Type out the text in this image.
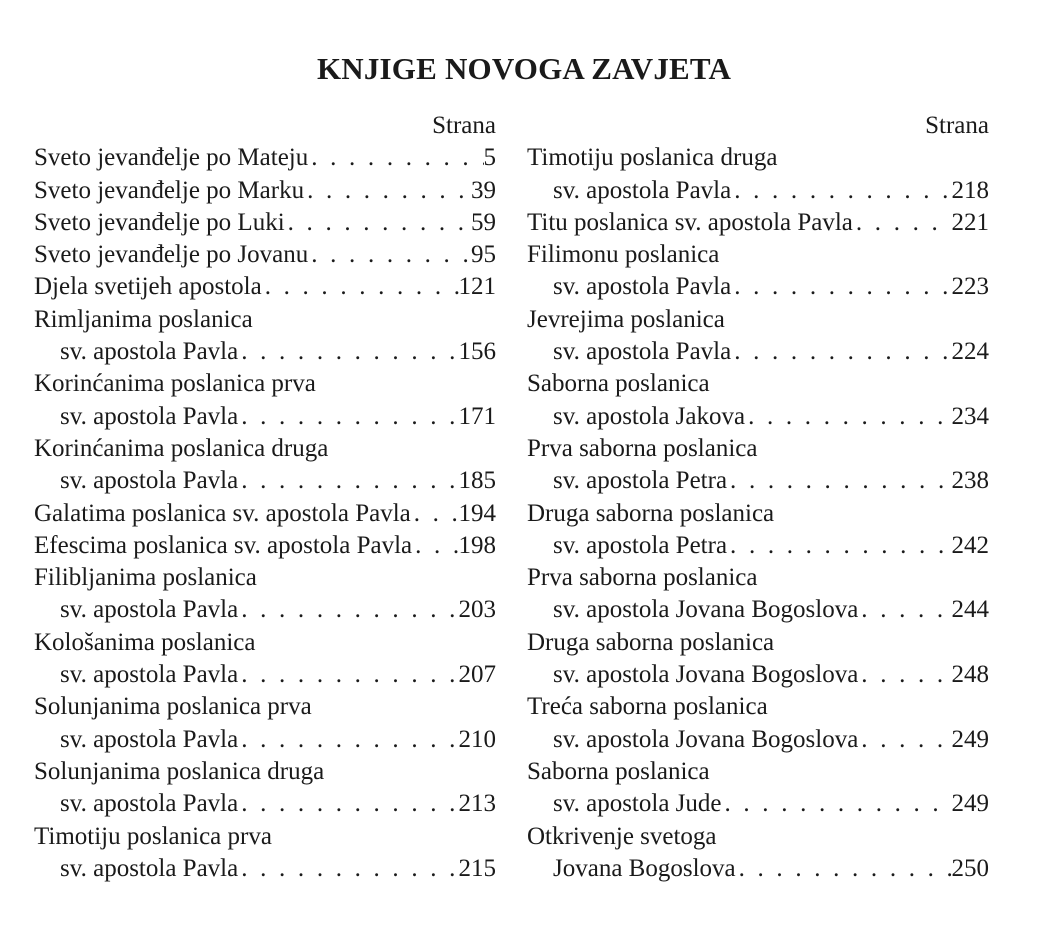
KNJIGE NOVOGA ZAVJETA
Strana
Sveto jevanđelje po Mateju . . .	5
Sveto jevanđelje po Marku . . .	39
Sveto jevanđelje po Luki . . .	59
Sveto jevanđelje po Jovanu . . .	95
Djela svetijeh apostola . . .	121
Rimljanima poslanica
sv. apostola Pavla . . .	156
Korinćanima poslanica prva
sv. apostola Pavla . . .	171
Korinćanima poslanica druga
sv. apostola Pavla . . .	185
Galatima poslanica sv. apostola Pavla . . . 194
Efescima poslanica sv. apostola Pavla . . . 198
Filibljanima poslanica
sv. apostola Pavla . . .	203
Kološanima poslanica
sv. apostola Pavla . . .	207
Solunjanima poslanica prva
sv. apostola Pavla . . .	210
Solunjanima poslanica druga
sv. apostola Pavla . . .	213
Timotiju poslanica prva
sv. apostola Pavla . . .	215
Strana
Timotiju poslanica druga
sv. apostola Pavla . . .	218
Titu poslanica sv. apostola Pavla . . .	221
Filimonu poslanica
sv. apostola Pavla . . .	223
Jevrejima poslanica
sv. apostola Pavla . . .	224
Saborna poslanica
sv. apostola Jakova . . .	234
Prva saborna poslanica
sv. apostola Petra . . .	238
Druga saborna poslanica
sv. apostola Petra . . .	242
Prva saborna poslanica
sv. apostola Jovana Bogoslova . . .	244
Druga saborna poslanica
sv. apostola Jovana Bogoslova . . .	248
Treća saborna poslanica
sv. apostola Jovana Bogoslova . . .	249
Saborna poslanica
sv. apostola Jude . . .	249
Otkrivenje svetoga
Jovana Bogoslova . . .	250
